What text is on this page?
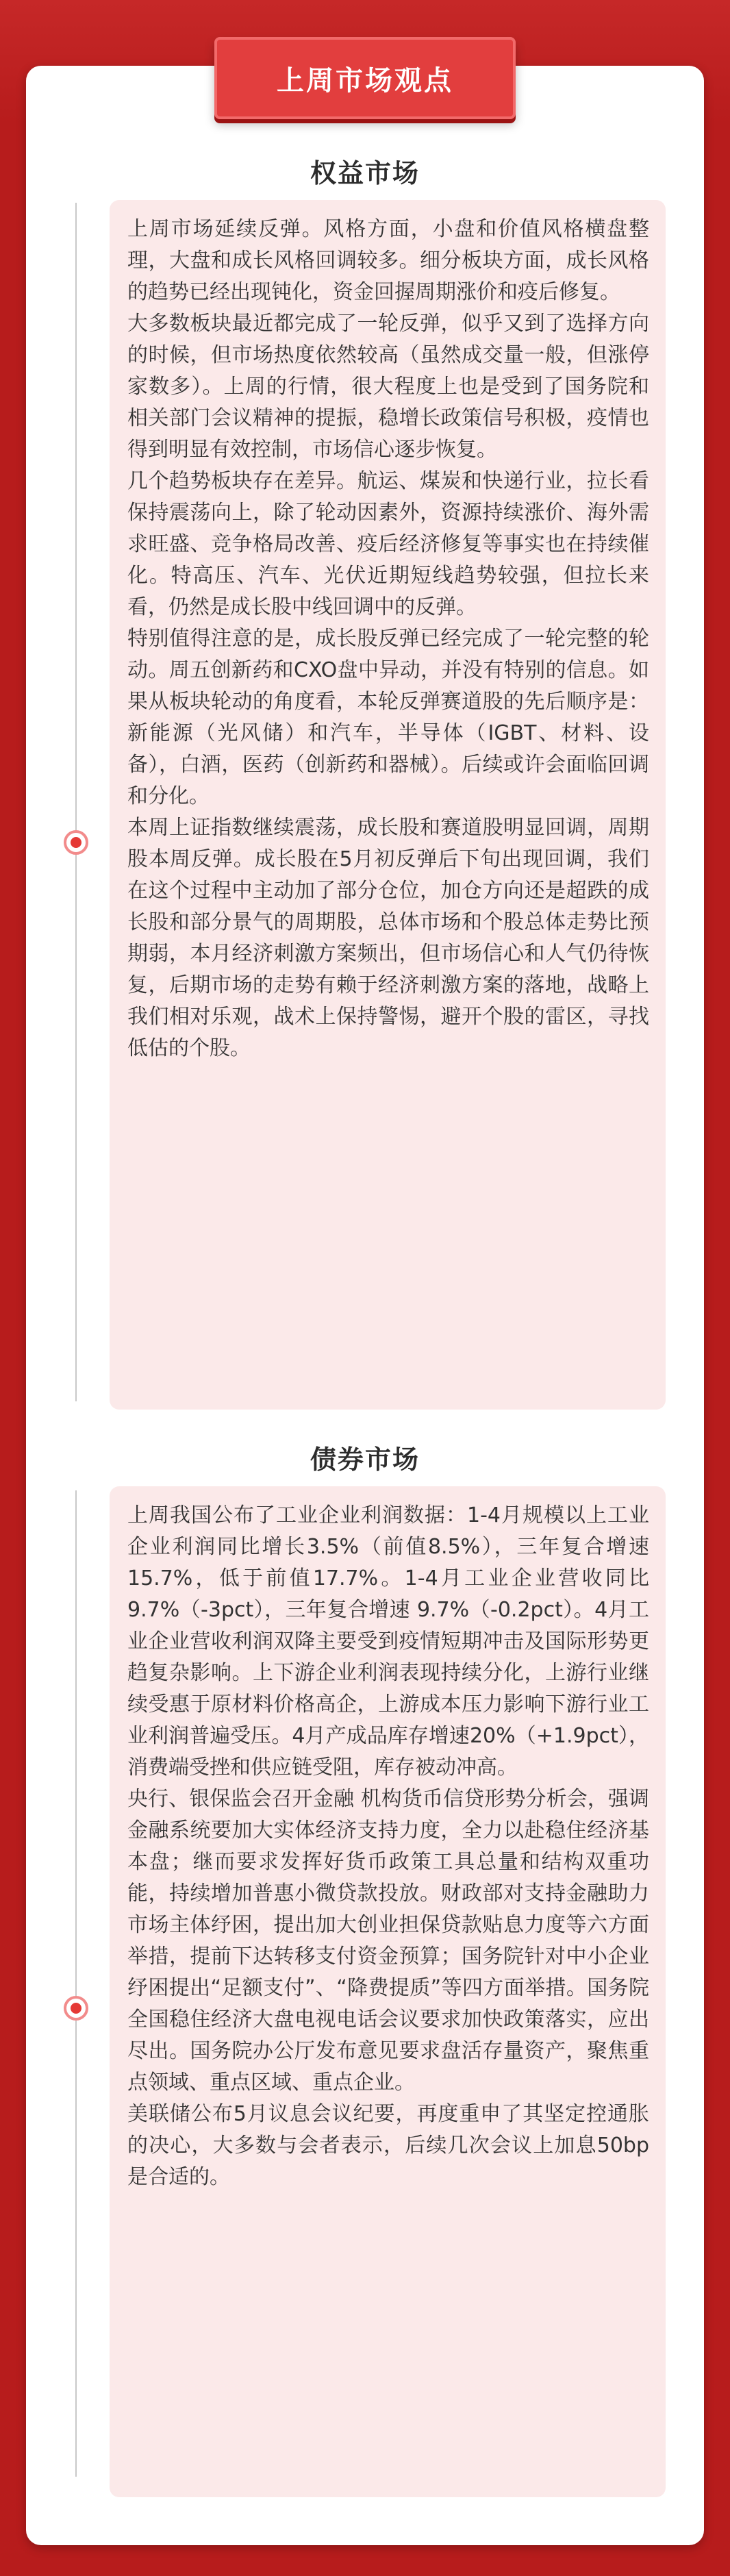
上周市场观点
权益市场

上周市场延续反弹。风格方面，小盘和价值风格横盘整理，大盘和成长风格回调较多。细分板块方面，成长风格的趋势已经出现钝化，资金回握周期涨价和疫后修复。

大多数板块最近都完成了一轮反弹，似乎又到了选择方向的时候，但市场热度依然较高（虽然成交量一般，但涨停家数多）。上周的行情，很大程度上也是受到了国务院和相关部门会议精神的提振，稳增长政策信号积极，疫情也得到明显有效控制，市场信心逐步恢复。

几个趋势板块存在差异。航运、煤炭和快递行业，拉长看保持震荡向上，除了轮动因素外，资源持续涨价、海外需求旺盛、竞争格局改善、疫后经济修复等事实也在持续催化。特高压、汽车、光伏近期短线趋势较强，但拉长来看，仍然是成长股中线回调中的反弹。

特别值得注意的是，成长股反弹已经完成了一轮完整的轮动。周五创新药和CXO盘中异动，并没有特别的信息。如果从板块轮动的角度看，本轮反弹赛道股的先后顺序是：新能源（光风储）和汽车，半导体（IGBT、材料、设备），白酒，医药（创新药和器械）。后续或许会面临回调和分化。

本周上证指数继续震荡，成长股和赛道股明显回调，周期股本周反弹。成长股在5月初反弹后下旬出现回调，我们在这个过程中主动加了部分仓位，加仓方向还是超跌的成长股和部分景气的周期股，总体市场和个股总体走势比预期弱，本月经济刺激方案频出，但市场信心和人气仍待恢复，后期市场的走势有赖于经济刺激方案的落地，战略上我们相对乐观，战术上保持警惕，避开个股的雷区，寻找低估的个股。

债券市场

上周我国公布了工业企业利润数据：1-4月规模以上工业企业利润同比增长3.5%（前值8.5%），三年复合增速15.7%，低于前值17.7%。1-4月工业企业营收同比9.7%（-3pct），三年复合增速 9.7%（-0.2pct）。4月工业企业营收利润双降主要受到疫情短期冲击及国际形势更趋复杂影响。上下游企业利润表现持续分化，上游行业继续受惠于原材料价格高企，上游成本压力影响下游行业工业利润普遍受压。4月产成品库存增速20%（+1.9pct），消费端受挫和供应链受阻，库存被动冲高。

央行、银保监会召开金融 机构货币信贷形势分析会，强调金融系统要加大实体经济支持力度，全力以赴稳住经济基本盘；继而要求发挥好货币政策工具总量和结构双重功能，持续增加普惠小微贷款投放。财政部对支持金融助力市场主体纾困，提出加大创业担保贷款贴息力度等六方面举措，提前下达转移支付资金预算；国务院针对中小企业纾困提出“足额支付”、“降费提质”等四方面举措。国务院全国稳住经济大盘电视电话会议要求加快政策落实，应出尽出。国务院办公厅发布意见要求盘活存量资产，聚焦重点领域、重点区域、重点企业。

美联储公布5月议息会议纪要，再度重申了其坚定控通胀的决心，大多数与会者表示，后续几次会议上加息50bp是合适的。
